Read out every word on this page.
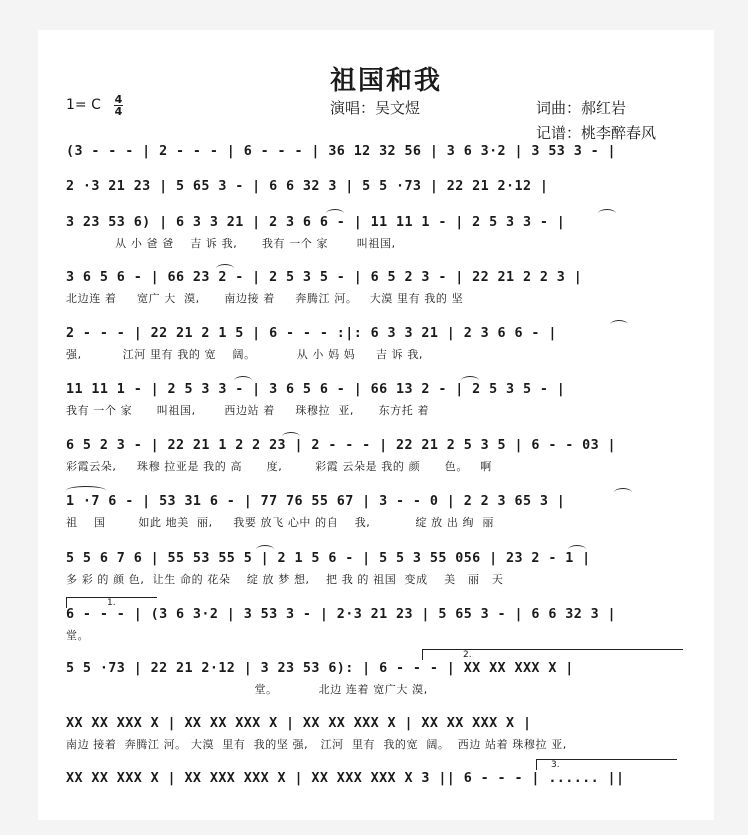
祖国和我
1= C 4
4	演唱：吴文煜	词曲：郝红岩
记谱：桃李醉春风
(3 - - - | 2 - - - | 6 - - - | 36 12 32 56 | 3 6 3·2 | 3 53 3 - |
2 ·3 21 23 | 5 65 3 - | 6 6 32 3 | 5 5 ·73 | 22 21 2·12 |
3 23 53 6) | 6 3 3 21 | 2 3 6 6 - | 11 11 1 - | 2 5 3 3 - |
从 小 爸 爸    吉 诉 我,      我有 一个 家       叫祖国,
3 6 5 6 - | 66 23 2 - | 2 5 3 5 - | 6 5 2 3 - | 22 21 2 2 3 |
北边连 着     宽广 大  漠,      南边接 着     奔腾江 河。   大漠 里有 我的 坚
2 - - - | 22 21 2 1 5 | 6 - - - :|: 6 3 3 21 | 2 3 6 6 - |
强,          江河 里有 我的 宽    阔。          从 小 妈 妈     吉 诉 我,
11 11 1 - | 2 5 3 3 - | 3 6 5 6 - | 66 13 2 - | 2 5 3 5 - |
我有 一个 家      叫祖国,       西边站 着     珠穆拉  亚,      东方托 着
6 5 2 3 - | 22 21 1 2 2 23 | 2 - - - | 22 21 2 5 3 5 | 6 - - 03 |
彩霞云朵,     珠穆 拉亚是 我的 高      度,        彩霞 云朵是 我的 颜      色。   啊
1 ·7 6 - | 53 31 6 - | 77 76 55 67 | 3 - - 0 | 2 2 3 65 3 |
祖    国        如此 地美  丽,     我要 放飞 心中 的自    我,           绽 放 出 绚  丽
5 5 6 7 6 | 55 53 55 5 | 2 1 5 6 - | 5 5 3 55 056 | 23 2 - 1 |
多 彩 的 颜 色,  让生 命的 花朵    绽 放 梦 想,    把 我 的 祖国  变成    美   丽   天
1.
6 - - - | (3 6 3·2 | 3 53 3 - | 2·3 21 23 | 5 65 3 - | 6 6 32 3 |
堂。
2.
5 5 ·73 | 22 21 2·12 | 3 23 53 6): | 6 - - - | XX XX XXX X |
堂。          北边 连着 宽广大 漠,
XX XX XXX X | XX XX XXX X | XX XX XXX X | XX XX XXX X |
南边 接着  奔腾江 河。 大漠  里有  我的坚 强,   江河  里有  我的宽  阔。  西边 站着 珠穆拉 亚,
3.
XX XX XXX X | XX XXX XXX X | XX XXX XXX X 3 || 6 - - - | ...... ||
